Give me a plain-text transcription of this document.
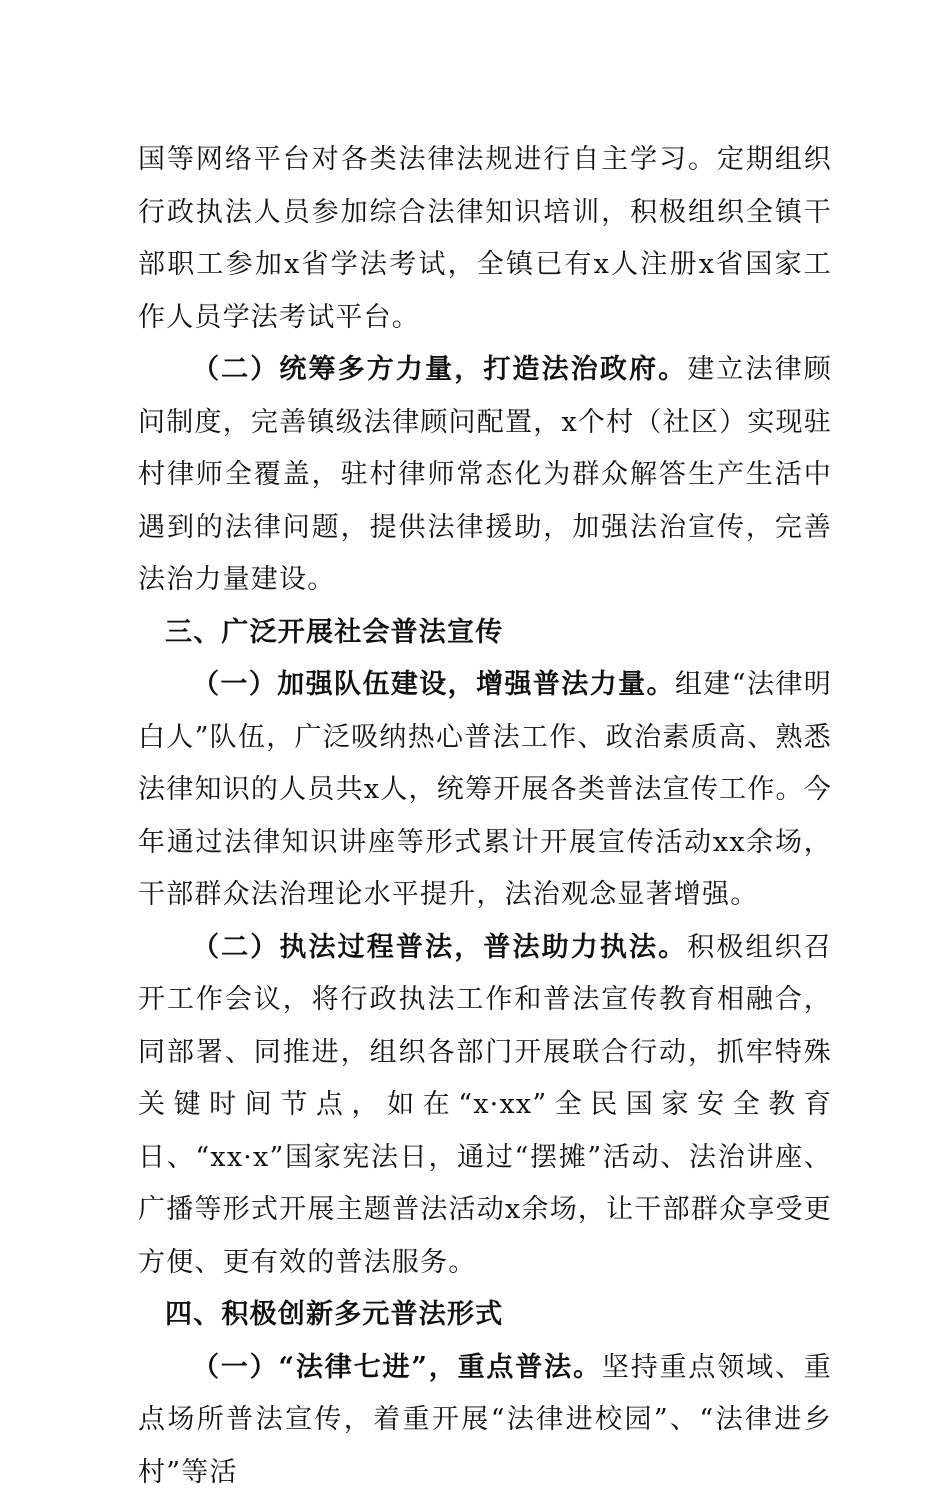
国等网络平台对各类法律法规进行自主学习。定期组织行政执法人员参加综合法律知识培训，积极组织全镇干部职工参加x省学法考试，全镇已有x人注册x省国家工作人员学法考试平台。

（二）统筹多方力量，打造法治政府。建立法律顾问制度，完善镇级法律顾问配置，x个村（社区）实现驻村律师全覆盖，驻村律师常态化为群众解答生产生活中遇到的法律问题，提供法律援助，加强法治宣传，完善法治力量建设。

三、广泛开展社会普法宣传

（一）加强队伍建设，增强普法力量。组建“法律明白人”队伍，广泛吸纳热心普法工作、政治素质高、熟悉法律知识的人员共x人，统筹开展各类普法宣传工作。今年通过法律知识讲座等形式累计开展宣传活动xx余场，干部群众法治理论水平提升，法治观念显著增强。

（二）执法过程普法，普法助力执法。积极组织召开工作会议，将行政执法工作和普法宣传教育相融合，同部署、同推进，组织各部门开展联合行动，抓牢特殊关键时间节点，如在“x·xx”全民国家安全教育日、“xx·x”国家宪法日，通过“摆摊”活动、法治讲座、广播等形式开展主题普法活动x余场，让干部群众享受更方便、更有效的普法服务。

四、积极创新多元普法形式

（一）“法律七进”，重点普法。坚持重点领域、重点场所普法宣传，着重开展“法律进校园”、“法律进乡村”等活
